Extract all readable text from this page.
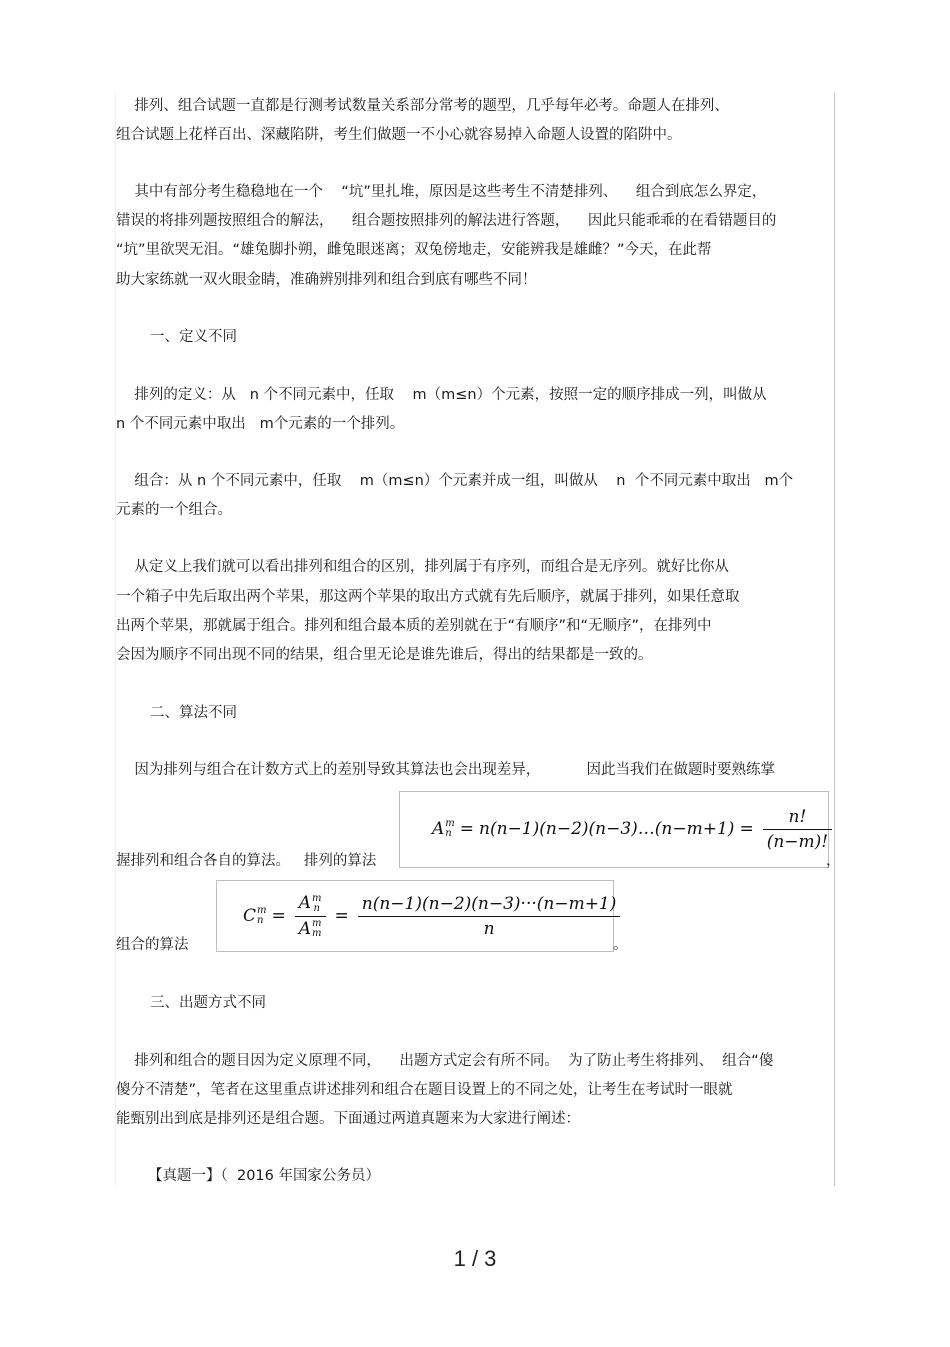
排列、组合试题一直都是行测考试数量关系部分常考的题型，几乎每年必考。命题人在排列、
组合试题上花样百出、深藏陷阱，考生们做题一不小心就容易掉入命题人设置的陷阱中。
其中有部分考生稳稳地在一个    “坑”里扎堆，原因是这些考生不清楚排列、    组合到底怎么界定，
错误的将排列题按照组合的解法，    组合题按照排列的解法进行答题，    因此只能乖乖的在看错题目的
“坑”里欲哭无泪。“雄兔脚扑朔，雌兔眼迷离；双兔傍地走，安能辨我是雄雌？”今天，在此帮
助大家练就一双火眼金睛，准确辨别排列和组合到底有哪些不同！
一、定义不同
排列的定义：从   n 个不同元素中，任取    m（m≤n）个元素，按照一定的顺序排成一列，叫做从
n 个不同元素中取出   m个元素的一个排列。
组合：从 n 个不同元素中，任取    m（m≤n）个元素并成一组，叫做从    n  个不同元素中取出   m个
元素的一个组合。
从定义上我们就可以看出排列和组合的区别，排列属于有序列，而组合是无序列。就好比你从
一个箱子中先后取出两个苹果，那这两个苹果的取出方式就有先后顺序，就属于排列，如果任意取
出两个苹果，那就属于组合。排列和组合最本质的差别就在于“有顺序”和“无顺序”，在排列中
会因为顺序不同出现不同的结果，组合里无论是谁先谁后，得出的结果都是一致的。
二、算法不同
因为排列与组合在计数方式上的差别导致其算法也会出现差异，          因此当我们在做题时要熟练掌
A m
n = n(n−1)(n−2)(n−3)…(n−m+1) = $\frac{n!}{(n-m)!}$
握排列和组合各自的算法。   排列的算法	，
C m
n = A m
n
A m
$m = \frac{n(n-1)(n-2)(n-3)\cdot\cdot\cdot(n-m+1)}{n}$
组合的算法	。
三、出题方式不同
排列和组合的题目因为定义原理不同，    出题方式定会有所不同。  为了防止考生将排列、  组合“傻
傻分不清楚”，笔者在这里重点讲述排列和组合在题目设置上的不同之处，让考生在考试时一眼就
能甄别出到底是排列还是组合题。下面通过两道真题来为大家进行阐述：
【真题一】（  2016 年国家公务员）
1 / 3
